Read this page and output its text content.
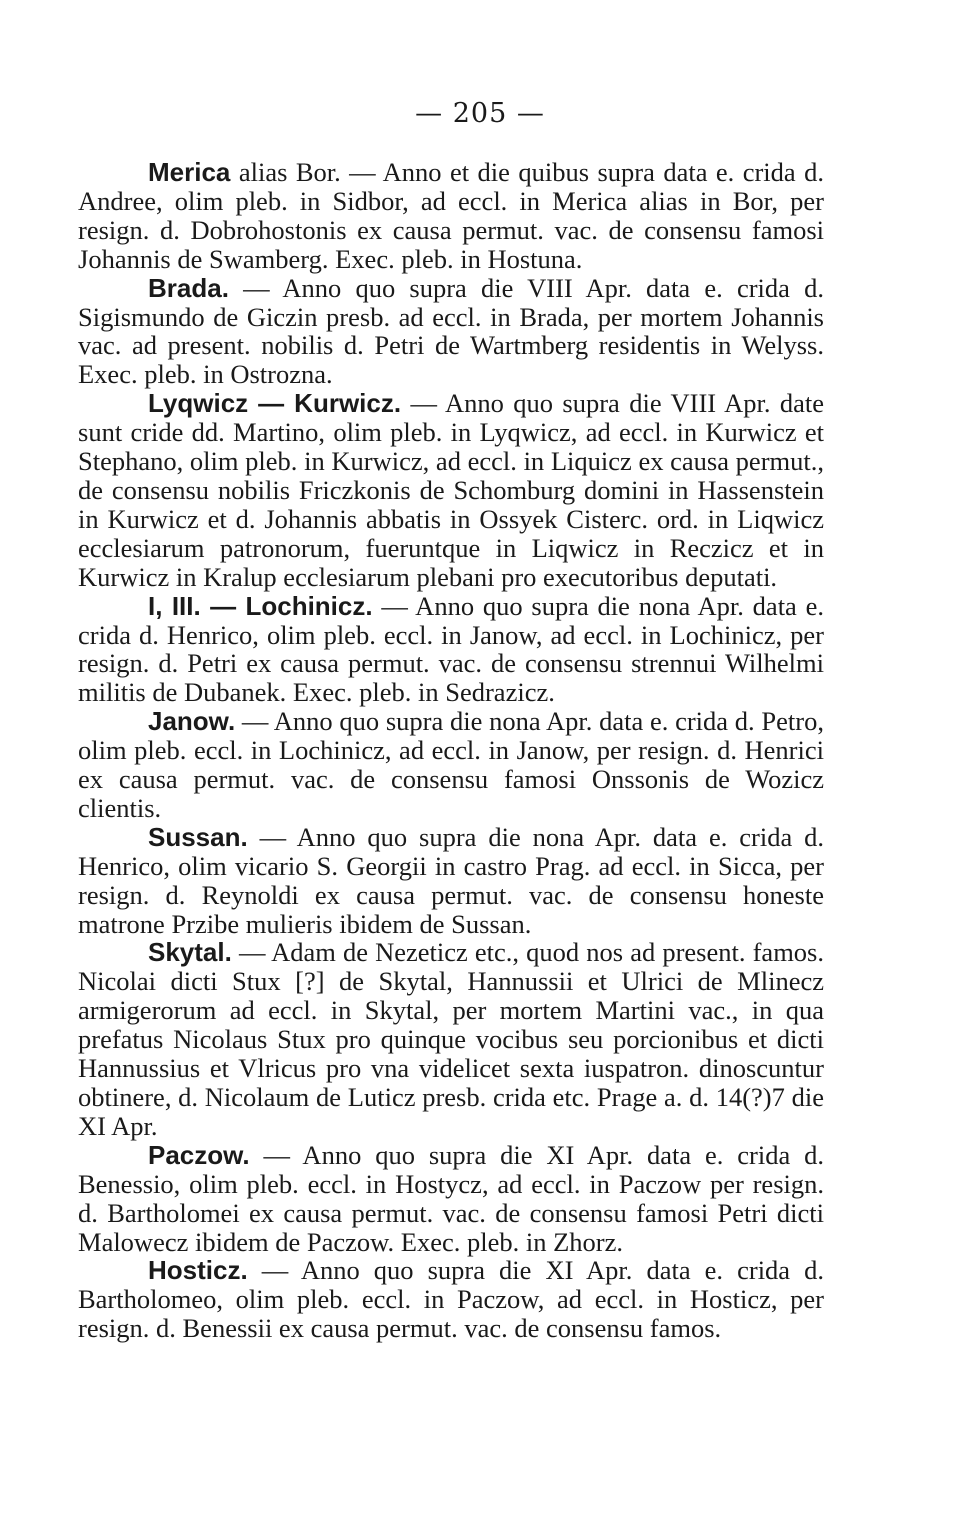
— 205 —

Merica alias Bor. — Anno et die quibus supra data e. crida d. Andree, olim pleb. in Sidbor, ad eccl. in Merica alias in Bor, per resign. d. Dobrohostonis ex causa permut. vac. de consensu famosi Johannis de Swamberg. Exec. pleb. in Hostuna.

Brada. — Anno quo supra die VIII Apr. data e. crida d. Sigismundo de Giczin presb. ad eccl. in Brada, per mortem Johannis vac. ad present. nobilis d. Petri de Wartmberg residentis in Welyss. Exec. pleb. in Ostrozna.

Lyqwicz — Kurwicz. — Anno quo supra die VIII Apr. date sunt cride dd. Martino, olim pleb. in Lyqwicz, ad eccl. in Kurwicz et Stephano, olim pleb. in Kurwicz, ad eccl. in Liquicz ex causa permut., de consensu nobilis Friczkonis de Schomburg domini in Hassenstein in Kurwicz et d. Johannis abbatis in Ossyek Cisterc. ord. in Liqwicz ecclesiarum patronorum, fueruntque in Liqwicz in Reczicz et in Kurwicz in Kralup ecclesiarum plebani pro executoribus deputati.

I, III. — Lochinicz. — Anno quo supra die nona Apr. data e. crida d. Henrico, olim pleb. eccl. in Janow, ad eccl. in Lochinicz, per resign. d. Petri ex causa permut. vac. de consensu strennui Wilhelmi militis de Dubanek. Exec. pleb. in Sedrazicz.

Janow. — Anno quo supra die nona Apr. data e. crida d. Petro, olim pleb. eccl. in Lochinicz, ad eccl. in Janow, per resign. d. Henrici ex causa permut. vac. de consensu famosi Onssonis de Wozicz clientis.

Sussan. — Anno quo supra die nona Apr. data e. crida d. Henrico, olim vicario S. Georgii in castro Prag. ad eccl. in Sicca, per resign. d. Reynoldi ex causa permut. vac. de consensu honeste matrone Przibe mulieris ibidem de Sussan.

Skytal. — Adam de Nezeticz etc., quod nos ad present. famos. Nicolai dicti Stux [?] de Skytal, Hannussii et Ulrici de Mlinecz armigerorum ad eccl. in Skytal, per mortem Martini vac., in qua prefatus Nicolaus Stux pro quinque vocibus seu porcionibus et dicti Hannussius et Vlricus pro vna videlicet sexta iuspatron. dinoscuntur obtinere, d. Nicolaum de Luticz presb. crida etc. Prage a. d. 14(?)7 die XI Apr.

Paczow. — Anno quo supra die XI Apr. data e. crida d. Benessio, olim pleb. eccl. in Hostycz, ad eccl. in Paczow per resign. d. Bartholomei ex causa permut. vac. de consensu famosi Petri dicti Malowecz ibidem de Paczow. Exec. pleb. in Zhorz.

Hosticz. — Anno quo supra die XI Apr. data e. crida d. Bartholomeo, olim pleb. eccl. in Paczow, ad eccl. in Hosticz, per resign. d. Benessii ex causa permut. vac. de consensu famos.
